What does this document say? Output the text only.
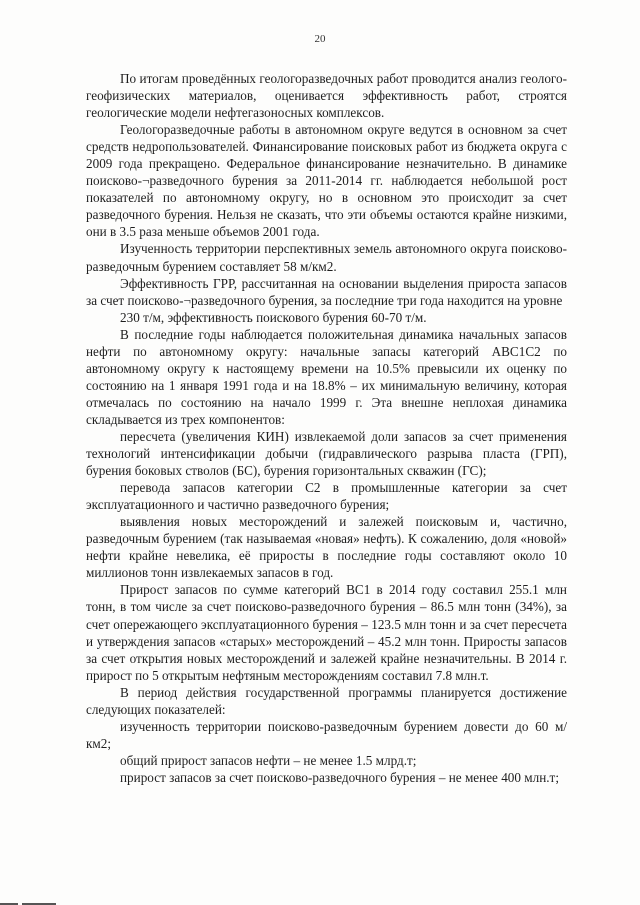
20

По итогам проведённых геологоразведочных работ проводится анализ геолого-геофизических материалов, оценивается эффективность работ, строятся геологические модели нефтегазоносных комплексов.

Геологоразведочные работы в автономном округе ведутся в основном за счет средств недропользователей. Финансирование поисковых работ из бюджета округа с 2009 года прекращено. Федеральное финансирование незначительно. В динамике поисково-¬разведочного бурения за 2011-2014 гг. наблюдается небольшой рост показателей по автономному округу, но в основном это происходит за счет разведочного бурения. Нельзя не сказать, что эти объемы остаются крайне низкими, они в 3.5 раза меньше объемов 2001 года.

Изученность территории перспективных земель автономного округа поисково-разведочным бурением составляет 58 м/км2.

Эффективность ГРР, рассчитанная на основании выделения прироста запасов за счет поисково-¬разведочного бурения, за последние три года находится на уровне

230 т/м, эффективность поискового бурения 60-70 т/м.

В последние годы наблюдается положительная динамика начальных запасов нефти по автономному округу: начальные запасы категорий АВС1С2 по автономному округу к настоящему времени на 10.5% превысили их оценку по состоянию на 1 января 1991 года и на 18.8% – их минимальную величину, которая отмечалась по состоянию на начало 1999 г. Эта внешне неплохая динамика складывается из трех компонентов:

пересчета (увеличения КИН) извлекаемой доли запасов за счет применения технологий интенсификации добычи (гидравлического разрыва пласта (ГРП), бурения боковых стволов (БС), бурения горизонтальных скважин (ГС);

перевода запасов категории С2 в промышленные категории за счет эксплуатационного и частично разведочного бурения;

выявления новых месторождений и залежей поисковым и, частично, разведочным бурением (так называемая «новая» нефть). К сожалению, доля «новой» нефти крайне невелика, её приросты в последние годы составляют около 10 миллионов тонн извлекаемых запасов в год.

Прирост запасов по сумме категорий ВС1 в 2014 году составил 255.1 млн тонн, в том числе за счет поисково-разведочного бурения – 86.5 млн тонн (34%), за счет опережающего эксплуатационного бурения – 123.5 млн тонн и за счет пересчета и утверждения запасов «старых» месторождений – 45.2 млн тонн. Приросты запасов за счет открытия новых месторождений и залежей крайне незначительны. В 2014 г. прирост по 5 открытым нефтяным месторождениям составил 7.8 млн.т.

В период действия государственной программы планируется достижение следующих показателей:

изученность территории поисково-разведочным бурением довести до 60 м/ км2;

общий прирост запасов нефти – не менее 1.5 млрд.т;

прирост запасов за счет поисково-разведочного бурения – не менее 400 млн.т;
